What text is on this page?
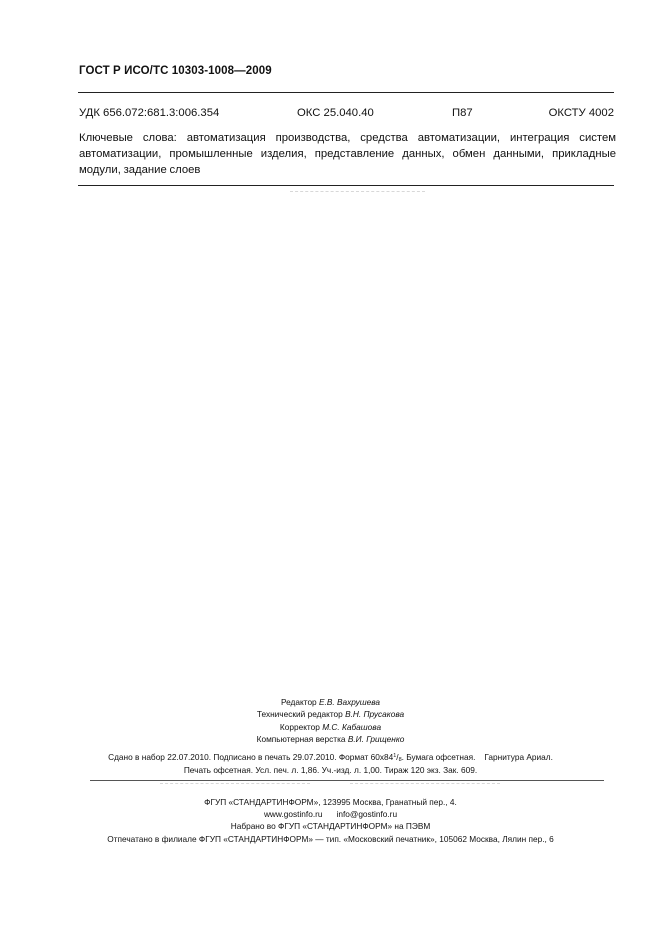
ГОСТ Р ИСО/ТС 10303-1008—2009
УДК 656.072:681.3:006.354	ОКС 25.040.40	П87	ОКСТУ 4002
Ключевые слова: автоматизация производства, средства автоматизации, интеграция систем автоматизации, промышленные изделия, представление данных, обмен данными, прикладные модули, задание слоев
Редактор Е.В. Вахрушева
Технический редактор В.Н. Прусакова
Корректор М.С. Кабашова
Компьютерная верстка В.И. Грищенко
Сдано в набор 22.07.2010. Подписано в печать 29.07.2010. Формат $60x84^1/_8$. Бумага офсетная. Гарнитура Ариал.
Печать офсетная. Усл. печ. л. 1,86. Уч.-изд. л. 1,00. Тираж 120 экз. Зак. 609.
ФГУП «СТАНДАРТИНФОРМ», 123995 Москва, Гранатный пер., 4.
www.gostinfo.ru info@gostinfo.ru
Набрано во ФГУП «СТАНДАРТИНФОРМ» на ПЭВМ
Отпечатано в филиале ФГУП «СТАНДАРТИНФОРМ» — тип. «Московский печатник», 105062 Москва, Лялин пер., 6
